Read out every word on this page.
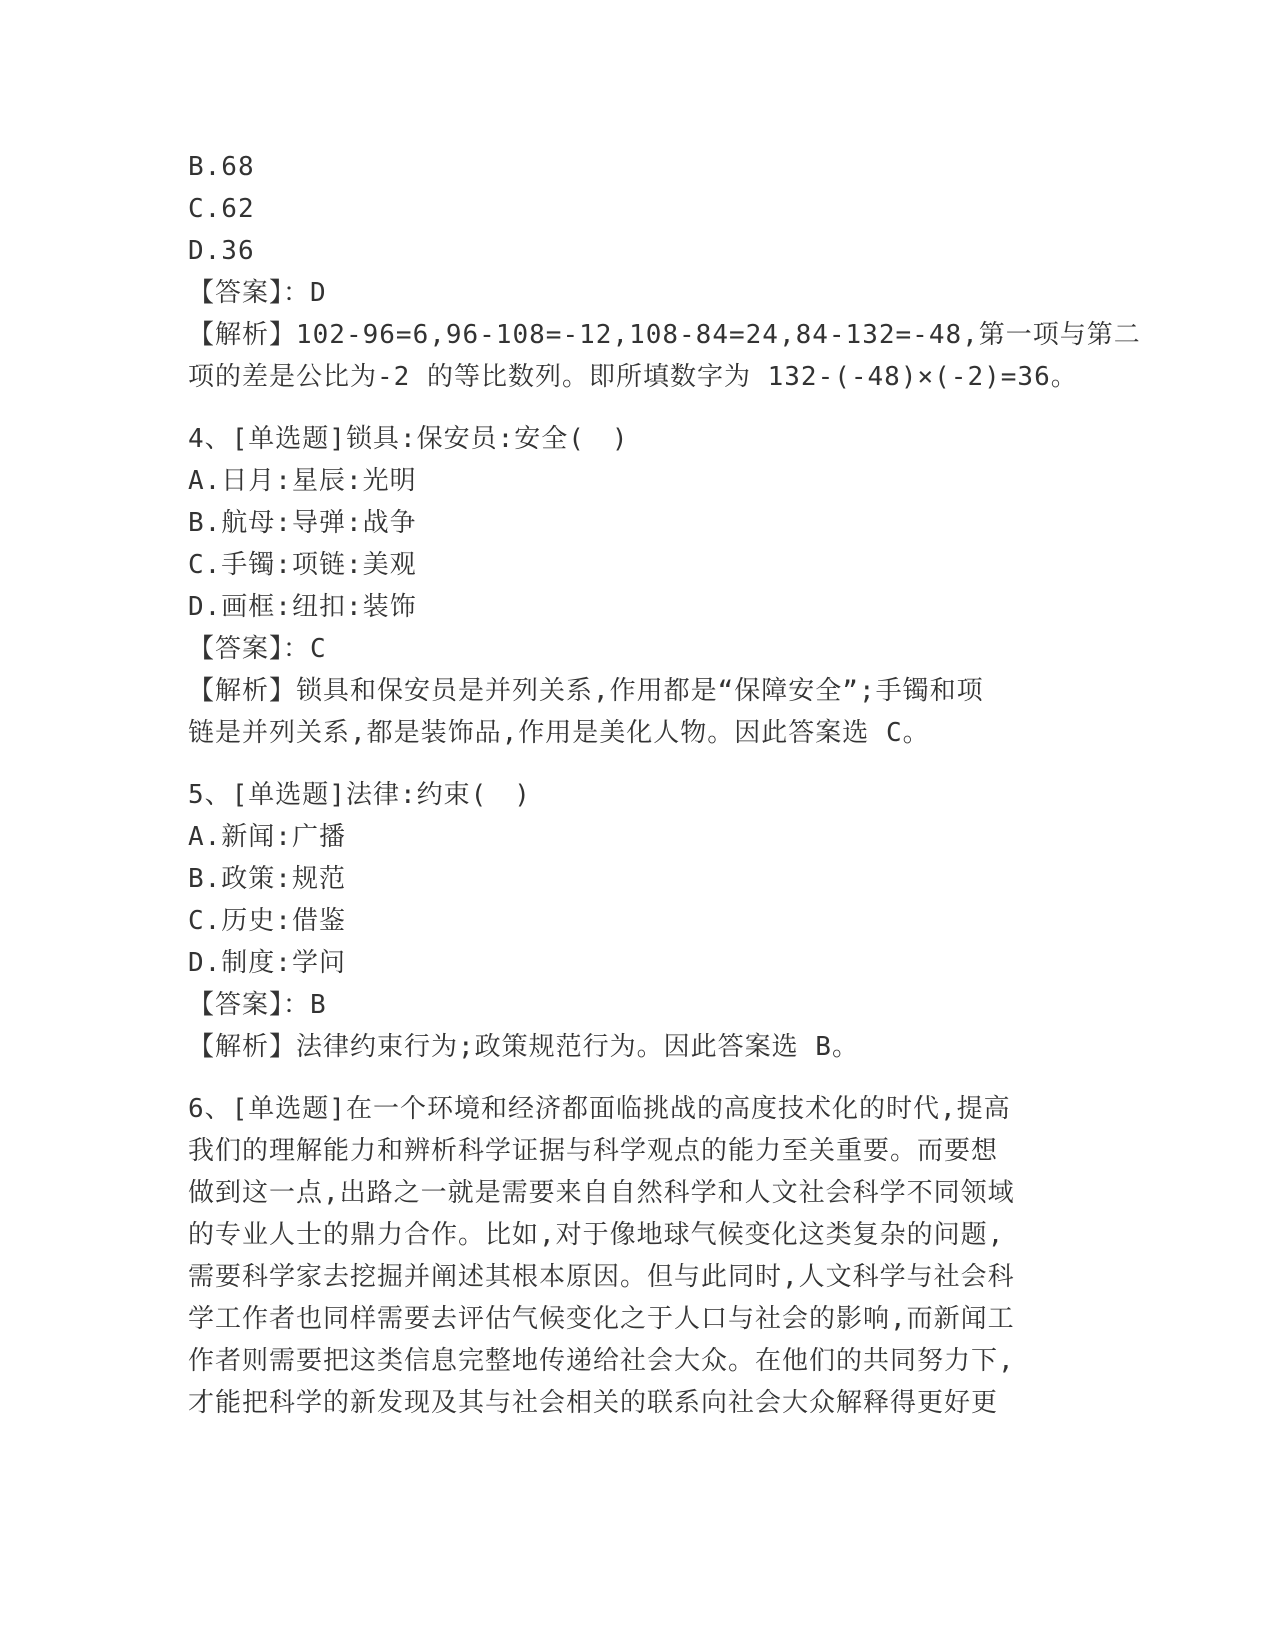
B.68
C.62
D.36
【答案】：D
【解析】102-96=6,96-108=-12,108-84=24,84-132=-48,第一项与第二
项的差是公比为-2 的等比数列。即所填数字为 132-(-48)×(-2)=36。
4、[单选题]锁具:保安员:安全(　)
A.日月:星辰:光明
B.航母:导弹:战争
C.手镯:项链:美观
D.画框:纽扣:装饰
【答案】：C
【解析】锁具和保安员是并列关系,作用都是“保障安全”;手镯和项
链是并列关系,都是装饰品,作用是美化人物。因此答案选 C。
5、[单选题]法律:约束(　)
A.新闻:广播
B.政策:规范
C.历史:借鉴
D.制度:学问
【答案】：B
【解析】法律约束行为;政策规范行为。因此答案选 B。
6、[单选题]在一个环境和经济都面临挑战的高度技术化的时代,提高
我们的理解能力和辨析科学证据与科学观点的能力至关重要。而要想
做到这一点,出路之一就是需要来自自然科学和人文社会科学不同领域
的专业人士的鼎力合作。比如,对于像地球气候变化这类复杂的问题,
需要科学家去挖掘并阐述其根本原因。但与此同时,人文科学与社会科
学工作者也同样需要去评估气候变化之于人口与社会的影响,而新闻工
作者则需要把这类信息完整地传递给社会大众。在他们的共同努力下,
才能把科学的新发现及其与社会相关的联系向社会大众解释得更好更
